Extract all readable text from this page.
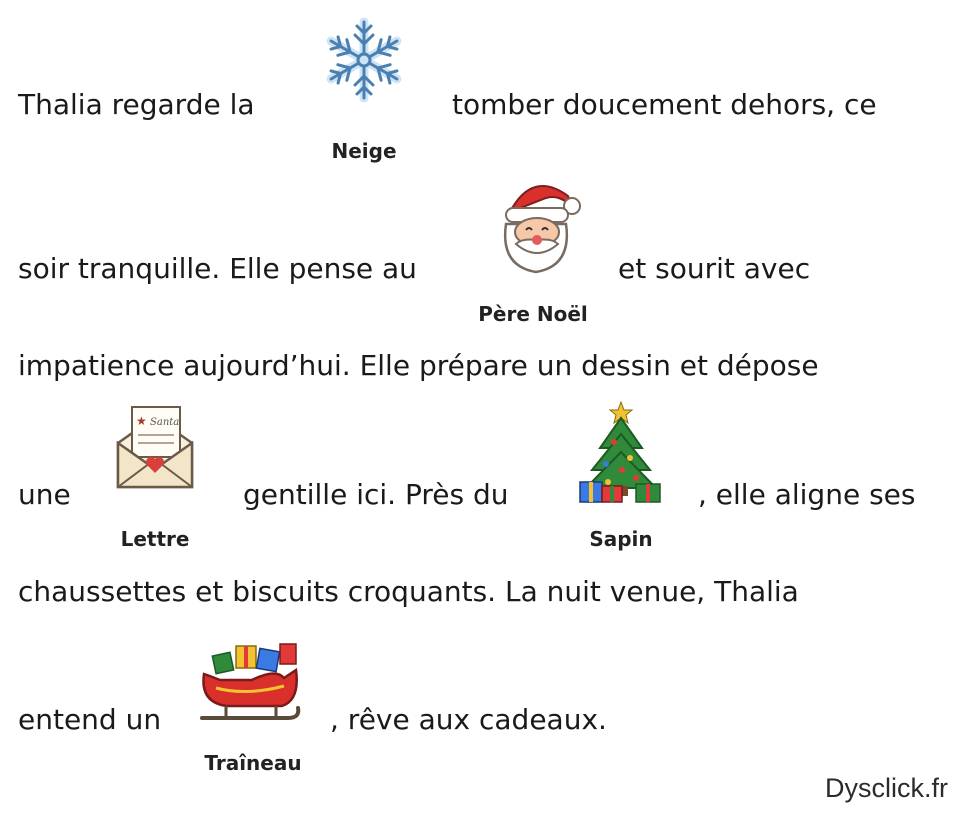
Thalia regarde la
Neige
tomber doucement dehors, ce
soir tranquille. Elle pense au
Père Noël
et sourit avec
impatience aujourd’hui. Elle prépare un dessin et dépose
une
Santa
★
Lettre
gentille ici. Près du
Sapin
, elle aligne ses
chaussettes et biscuits croquants. La nuit venue, Thalia
entend un
Traîneau
, rêve aux cadeaux.
Dysclick.fr
